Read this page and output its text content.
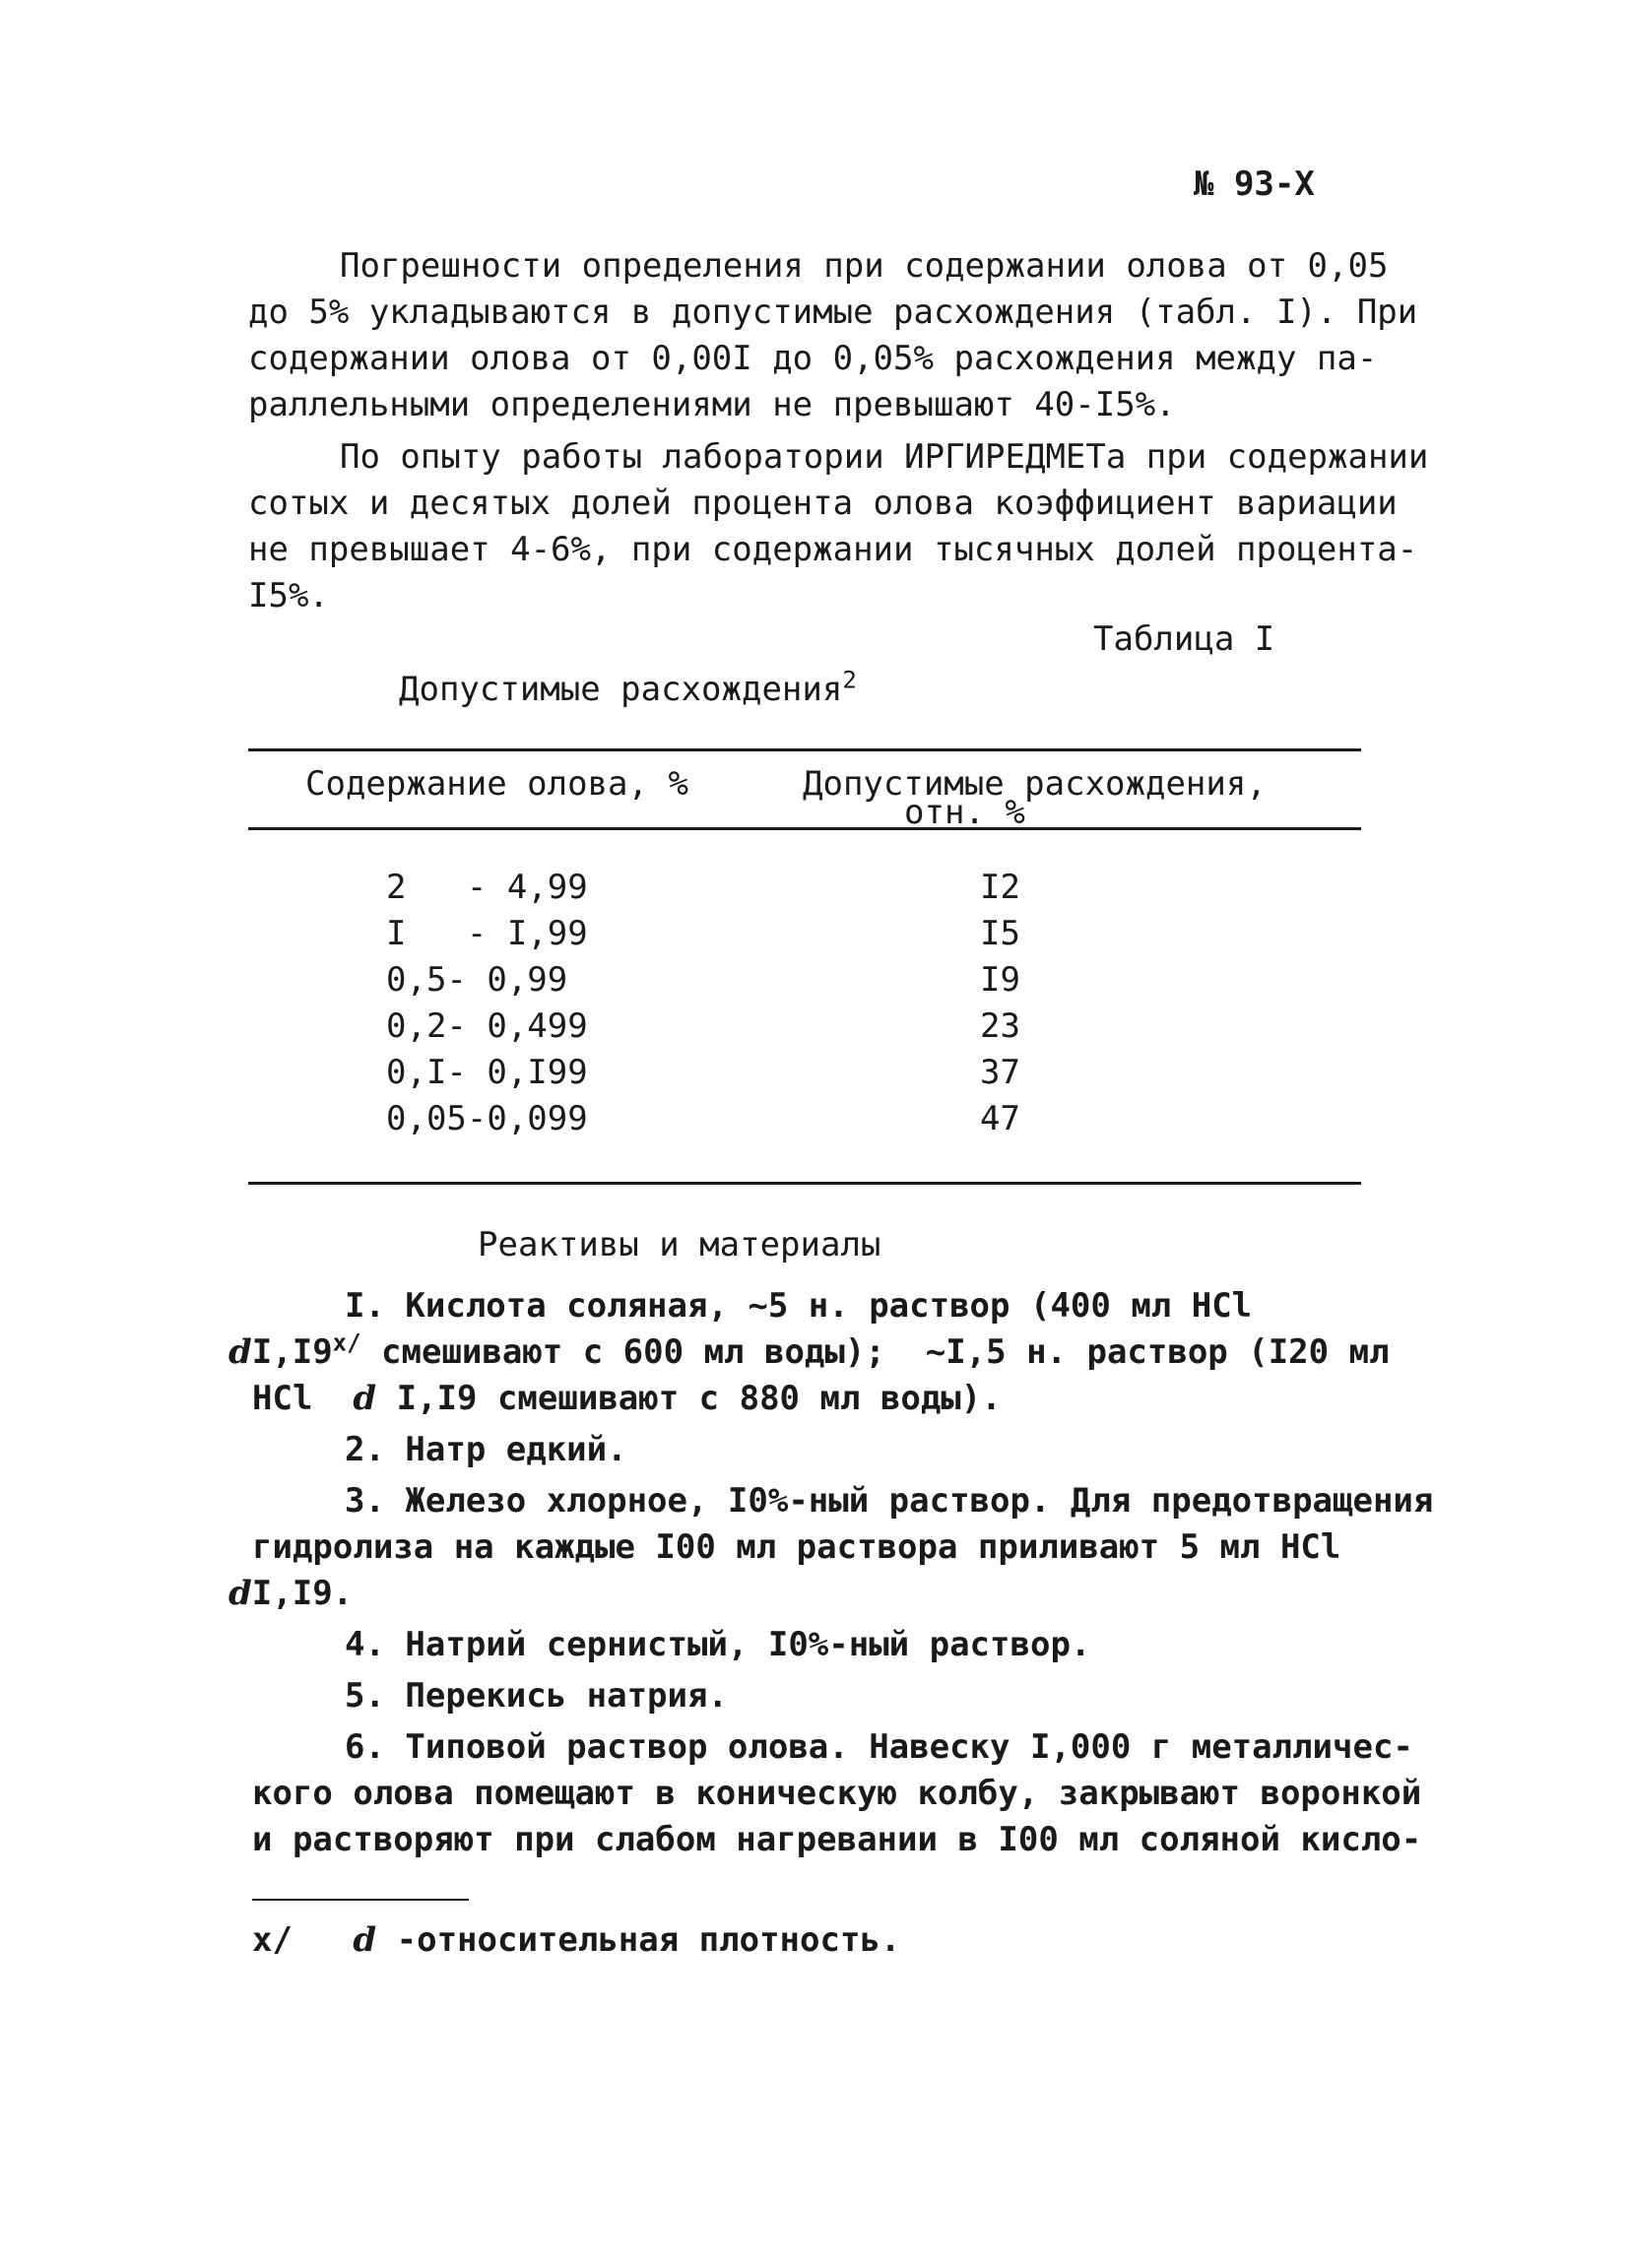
№ 93-Х
Погрешности определения при содержании олова от 0,05
до 5% укладываются в допустимые расхождения (табл. I). При
содержании олова от 0,00I до 0,05% расхождения между па-
раллельными определениями не превышают 40-I5%.
По опыту работы лаборатории ИРГИРЕДМЕТа при содержании
сотых и десятых долей процента олова коэффициент вариации
не превышает 4-6%, при содержании тысячных долей процента-
I5%.
Таблица I
Допустимые расхождения$^2$
Содержание олова, %	Допустимые расхождения,
отн. %
2   - 4,99	I2
I   - I,99	I5
0,5- 0,99	I9
0,2- 0,499	23
0,I- 0,I99	37
0,05-0,099	47
Реактивы и материалы
I. Кислота соляная, ~5 н. раствор (400 мл HCl
$dI,I9^{x/}$ смешивают с 600 мл воды);  ~I,5 н. раствор (I20 мл
HCl  d I,I9 смешивают с 880 мл воды).
2. Натр едкий.
3. Железо хлорное, I0%-ный раствор. Для предотвращения
гидролиза на каждые I00 мл раствора приливают 5 мл HCl
dI,I9.
4. Натрий сернистый, I0%-ный раствор.
5. Перекись натрия.
6. Типовой раствор олова. Навеску I,000 г металличес-
кого олова помещают в коническую колбу, закрывают воронкой
и растворяют при слабом нагревании в I00 мл соляной кисло-
x/ d -относительная плотность.
